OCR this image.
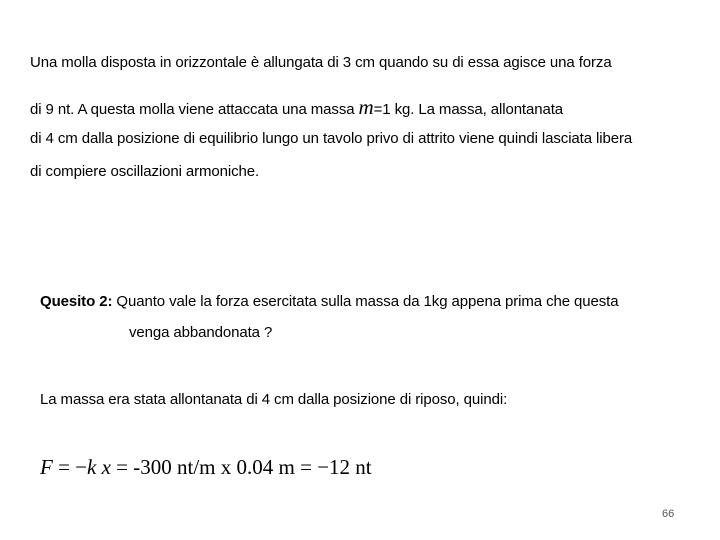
Una molla disposta in orizzontale è allungata di 3 cm quando su di essa agisce una forza
di 9 nt. A questa molla viene attaccata una massa m=1 kg. La massa, allontanata
di 4 cm dalla posizione di equilibrio lungo un tavolo privo di attrito viene quindi lasciata libera
di compiere oscillazioni armoniche.
Quesito 2: Quanto vale la forza esercitata sulla massa da 1kg appena prima che questa
venga abbandonata ?
La massa era stata allontanata di 4 cm dalla posizione di riposo, quindi:
F = −k x = -300 nt/m x 0.04 m = −12 nt
66
